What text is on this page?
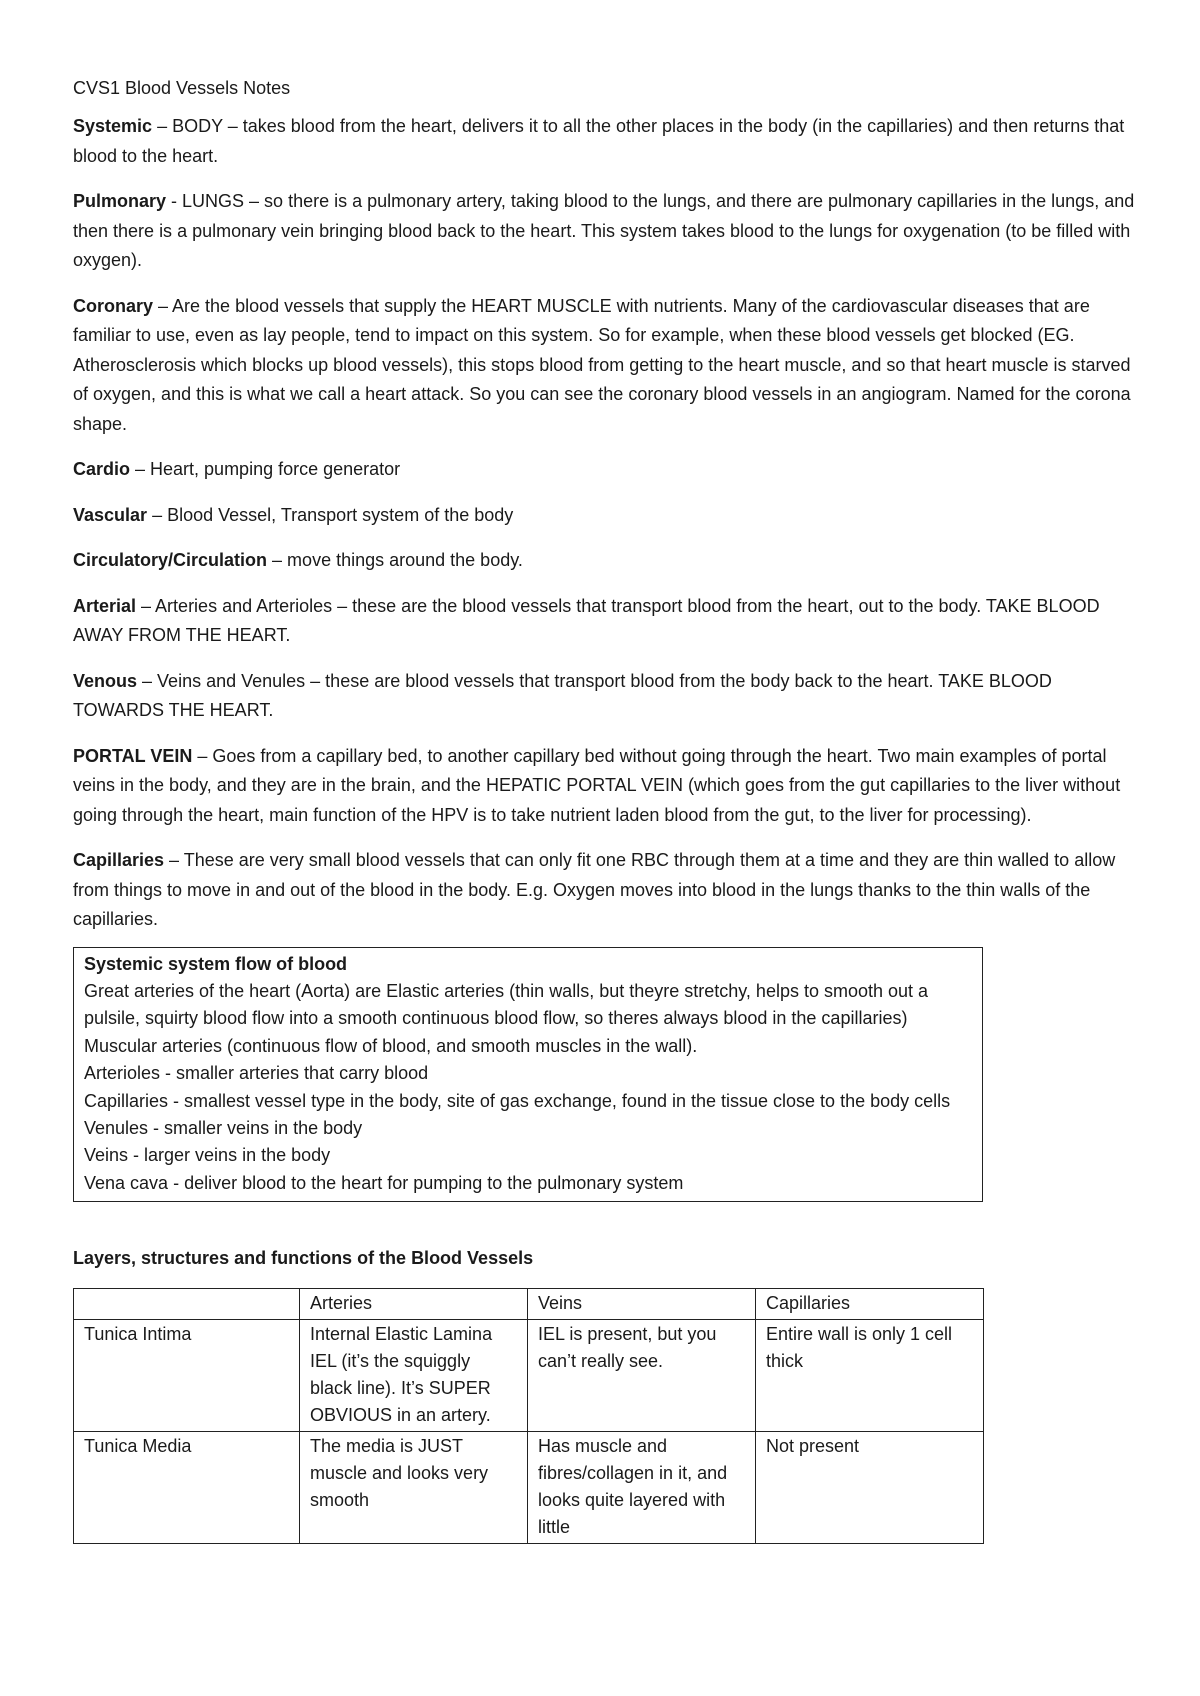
CVS1 Blood Vessels Notes

Systemic – BODY – takes blood from the heart, delivers it to all the other places in the body (in the capillaries) and then returns that blood to the heart.

Pulmonary - LUNGS – so there is a pulmonary artery, taking blood to the lungs, and there are pulmonary capillaries in the lungs, and then there is a pulmonary vein bringing blood back to the heart. This system takes blood to the lungs for oxygenation (to be filled with oxygen).

Coronary – Are the blood vessels that supply the HEART MUSCLE with nutrients. Many of the cardiovascular diseases that are familiar to use, even as lay people, tend to impact on this system. So for example, when these blood vessels get blocked (EG. Atherosclerosis which blocks up blood vessels), this stops blood from getting to the heart muscle, and so that heart muscle is starved of oxygen, and this is what we call a heart attack. So you can see the coronary blood vessels in an angiogram. Named for the corona shape.

Cardio – Heart, pumping force generator

Vascular – Blood Vessel, Transport system of the body

Circulatory/Circulation – move things around the body.

Arterial – Arteries and Arterioles – these are the blood vessels that transport blood from the heart, out to the body. TAKE BLOOD AWAY FROM THE HEART.

Venous – Veins and Venules – these are blood vessels that transport blood from the body back to the heart. TAKE BLOOD TOWARDS THE HEART.

PORTAL VEIN – Goes from a capillary bed, to another capillary bed without going through the heart. Two main examples of portal veins in the body, and they are in the brain, and the HEPATIC PORTAL VEIN (which goes from the gut capillaries to the liver without going through the heart, main function of the HPV is to take nutrient laden blood from the gut, to the liver for processing).

Capillaries – These are very small blood vessels that can only fit one RBC through them at a time and they are thin walled to allow from things to move in and out of the blood in the body. E.g. Oxygen moves into blood in the lungs thanks to the thin walls of the capillaries.

Systemic system flow of blood
Great arteries of the heart (Aorta) are Elastic arteries (thin walls, but theyre stretchy, helps to smooth out a pulsile, squirty blood flow into a smooth continuous blood flow, so theres always blood in the capillaries)
Muscular arteries (continuous flow of blood, and smooth muscles in the wall).
Arterioles - smaller arteries that carry blood
Capillaries - smallest vessel type in the body, site of gas exchange, found in the tissue close to the body cells
Venules - smaller veins in the body
Veins - larger veins in the body
Vena cava - deliver blood to the heart for pumping to the pulmonary system
Layers, structures and functions of the Blood Vessels
	Arteries	Veins	Capillaries
Tunica Intima	Internal Elastic Lamina IEL (it’s the squiggly black line). It’s SUPER OBVIOUS in an artery.	IEL is present, but you can’t really see.	Entire wall is only 1 cell thick
Tunica Media	The media is JUST muscle and looks very smooth	Has muscle and fibres/collagen in it, and looks quite layered with little	Not present
